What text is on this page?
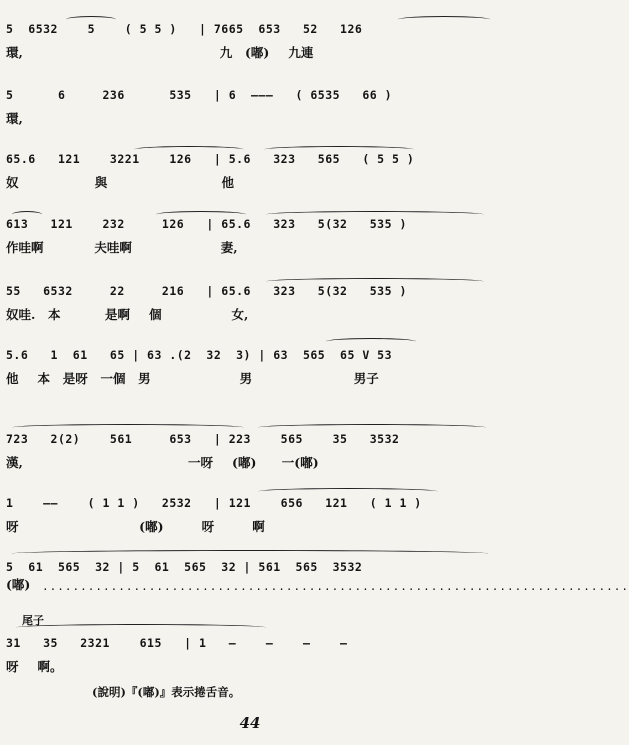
5  6532    5    ( 5 5 )   | 7665  653   52   126
環,                               九  (嘟)   九連
5      6     236      535   | 6  ———   ( 6535   66 )
環,
65.6   121    3221    126   | 5.6   323   565   ( 5 5 )
奴            與                  他
613   121    232     126   | 65.6   323   5(32   535 )
作哇啊        夫哇啊              妻,
55   6532     22     216   | 65.6   323   5(32   535 )
奴哇.  本       是啊   個           女,
5.6   1  61   65 | 63 .(2  32  3) | 63  565  65 V 53
他   本  是呀  一個  男              男                男子
723   2(2)    561     653   | 223    565    35   3532
漢,                          一呀   (嘟)    一(嘟)
1    ——    ( 1 1 )   2532   | 121    656   121   ( 1 1 )
呀                   (嘟)      呀      啊
5  61  565  32 | 5  61  565  32 | 561  565  3532
(嘟)	.............................................................................
尾子
31   35   2321    615   | 1   —    —    —    —
呀   啊。
(說明)『(嘟)』表示捲舌音。
44
